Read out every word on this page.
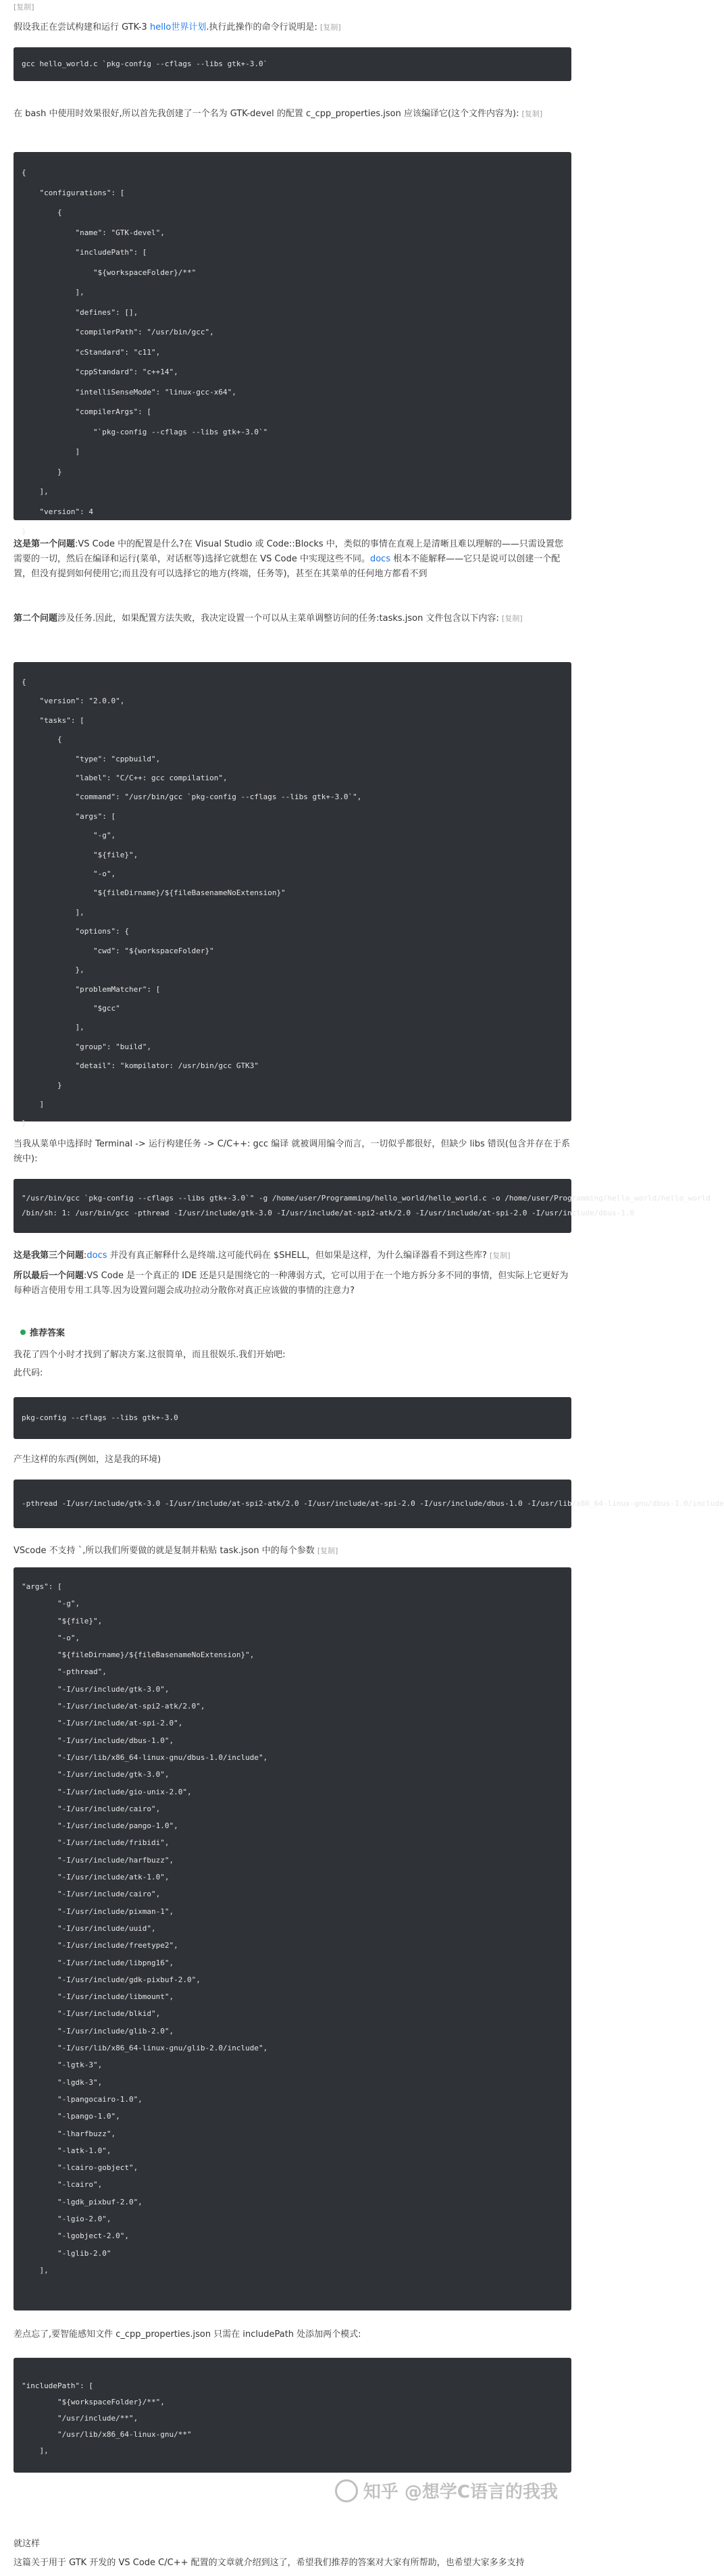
[复制]

假设我正在尝试构建和运行 GTK-3 hello世界计划.执行此操作的命令行说明是: [复制]

gcc hello_world.c `pkg-config --cflags --libs gtk+-3.0`

在 bash 中使用时效果很好,所以首先我创建了一个名为 GTK-devel 的配置 c_cpp_properties.json 应该编译它(这个文件内容为): [复制]

{
"configurations": [
{
"name": "GTK-devel",
"includePath": [
"${workspaceFolder}/**"
],
"defines": [],
"compilerPath": "/usr/bin/gcc",
"cStandard": "c11",
"cppStandard": "c++14",
"intelliSenseMode": "linux-gcc-x64",
"compilerArgs": [
"`pkg-config --cflags --libs gtk+-3.0`"
]
}
],
"version": 4
}

这是第一个问题:VS Code 中的配置是什么?在 Visual Studio 或 Code::Blocks 中，类似的事情在直观上是清晰且难以理解的——只需设置您需要的一切，然后在编译和运行(菜单，对话框等)选择它就想在 VS Code 中实现这些不同。docs 根本不能解释——它只是说可以创建一个配置，但没有提到如何使用它;而且没有可以选择它的地方(终端，任务等)，甚至在其菜单的任何地方都看不到

第二个问题涉及任务.因此，如果配置方法失败，我决定设置一个可以从主菜单调整访问的任务:tasks.json 文件包含以下内容: [复制]

{
"version": "2.0.0",
"tasks": [
{
"type": "cppbuild",
"label": "C/C++: gcc compilation",
"command": "/usr/bin/gcc `pkg-config --cflags --libs gtk+-3.0`",
"args": [
"-g",
"${file}",
"-o",
"${fileDirname}/${fileBasenameNoExtension}"
],
"options": {
"cwd": "${workspaceFolder}"
},
"problemMatcher": [
"$gcc"
],
"group": "build",
"detail": "kompilator: /usr/bin/gcc GTK3"
}
]
}

当我从菜单中选择时 Terminal -> 运行构建任务 -> C/C++: gcc 编译 就被调用编令而言，一切似乎都很好，但缺少 libs 错误(包含并存在于系统中):

"/usr/bin/gcc `pkg-config --cflags --libs gtk+-3.0`" -g /home/user/Programming/hello_world/hello_world.c -o /home/user/Programming/hello_world/hello_world
/bin/sh: 1: /usr/bin/gcc -pthread -I/usr/include/gtk-3.0 -I/usr/include/at-spi2-atk/2.0 -I/usr/include/at-spi-2.0 -I/usr/include/dbus-1.0

这是我第三个问题:docs 并没有真正解释什么是终端.这可能代码在 $SHELL，但如果是这样，为什么编译器看不到这些库? [复制]

所以最后一个问题:VS Code 是一个真正的 IDE 还是只是围绕它的一种薄弱方式，它可以用于在一个地方拆分多不同的事情，但实际上它更好为每种语言使用专用工具等.因为设置问题会成功拉动分散你对真正应该做的事情的注意力?

推荐答案

我花了四个小时才找到了解决方案.这很简单，而且很娱乐.我们开始吧:

此代码:

pkg-config --cflags --libs gtk+-3.0

产生这样的东西(例如，这是我的环境)

-pthread -I/usr/include/gtk-3.0 -I/usr/include/at-spi2-atk/2.0 -I/usr/include/at-spi-2.0 -I/usr/include/dbus-1.0 -I/usr/lib/x86_64-linux-gnu/dbus-1.0/include

VScode 不支持 `,所以我们所要做的就是复制并粘贴 task.json 中的每个参数 [复制]

"args": [
"-g",
"${file}",
"-o",
"${fileDirname}/${fileBasenameNoExtension}",
"-pthread",
"-I/usr/include/gtk-3.0",
"-I/usr/include/at-spi2-atk/2.0",
"-I/usr/include/at-spi-2.0",
"-I/usr/include/dbus-1.0",
"-I/usr/lib/x86_64-linux-gnu/dbus-1.0/include",
"-I/usr/include/gtk-3.0",
"-I/usr/include/gio-unix-2.0",
"-I/usr/include/cairo",
"-I/usr/include/pango-1.0",
"-I/usr/include/fribidi",
"-I/usr/include/harfbuzz",
"-I/usr/include/atk-1.0",
"-I/usr/include/cairo",
"-I/usr/include/pixman-1",
"-I/usr/include/uuid",
"-I/usr/include/freetype2",
"-I/usr/include/libpng16",
"-I/usr/include/gdk-pixbuf-2.0",
"-I/usr/include/libmount",
"-I/usr/include/blkid",
"-I/usr/include/glib-2.0",
"-I/usr/lib/x86_64-linux-gnu/glib-2.0/include",
"-lgtk-3",
"-lgdk-3",
"-lpangocairo-1.0",
"-lpango-1.0",
"-lharfbuzz",
"-latk-1.0",
"-lcairo-gobject",
"-lcairo",
"-lgdk_pixbuf-2.0",
"-lgio-2.0",
"-lgobject-2.0",
"-lglib-2.0"
],

差点忘了,要智能感知文件 c_cpp_properties.json 只需在 includePath 处添加两个模式:

"includePath": [
"${workspaceFolder}/**",
"/usr/include/**",
"/usr/lib/x86_64-linux-gnu/**"
],

就这样

这篇关于用于 GTK 开发的 VS Code C/C++ 配置的文章就介绍到这了，希望我们推荐的答案对大家有所帮助，也希望大家多多支持

知乎 @想学C语言的我我
